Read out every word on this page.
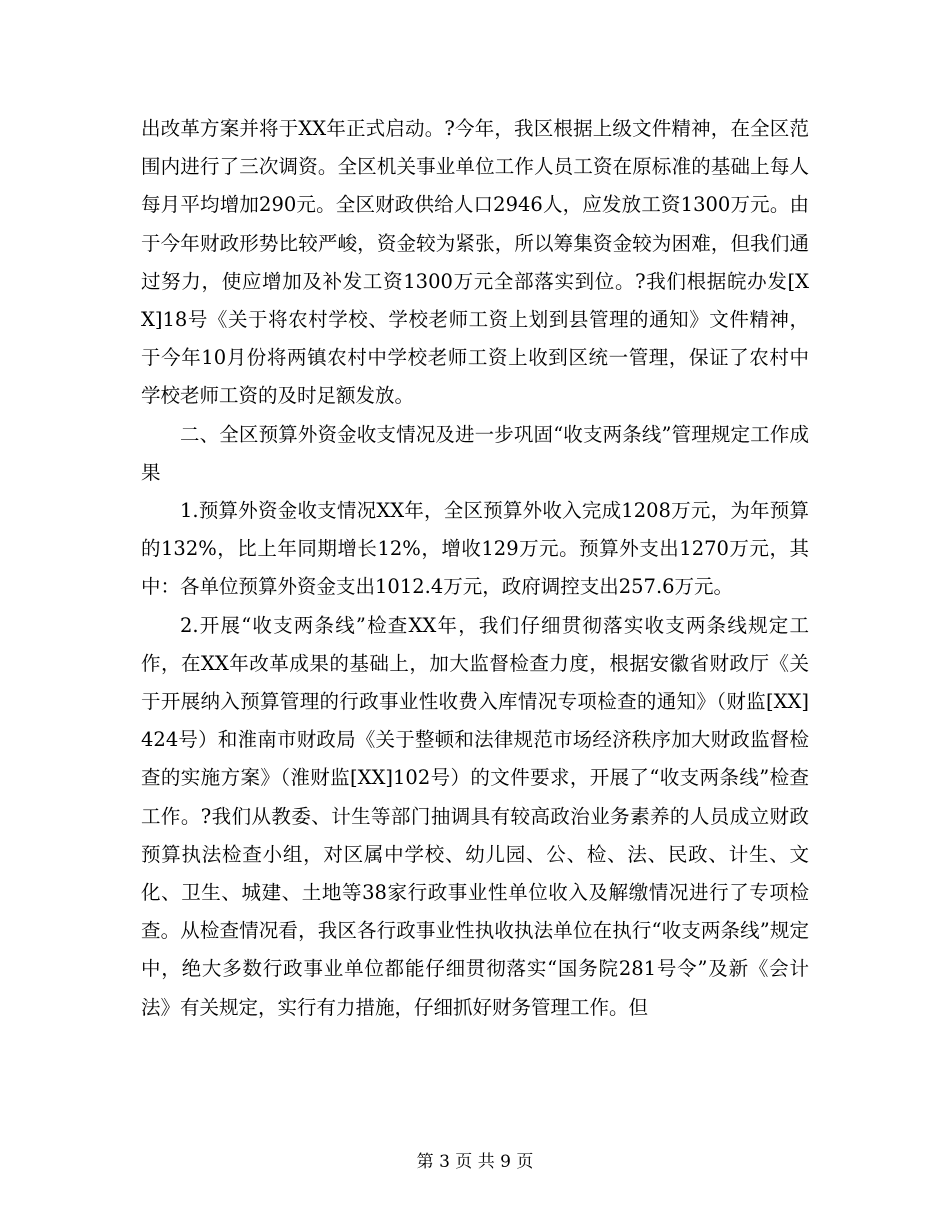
出改革方案并将于XX年正式启动。?今年，我区根据上级文件精神，在全区范围内进行了三次调资。全区机关事业单位工作人员工资在原标准的基础上每人每月平均增加290元。全区财政供给人口2946人，应发放工资1300万元。由于今年财政形势比较严峻，资金较为紧张，所以筹集资金较为困难，但我们通过努力，使应增加及补发工资1300万元全部落实到位。?我们根据皖办发[XX]18号《关于将农村学校、学校老师工资上划到县管理的通知》文件精神，于今年10月份将两镇农村中学校老师工资上收到区统一管理，保证了农村中学校老师工资的及时足额发放。

二、全区预算外资金收支情况及进一步巩固“收支两条线”管理规定工作成果

1.预算外资金收支情况XX年，全区预算外收入完成1208万元，为年预算的132%，比上年同期增长12%，增收129万元。预算外支出1270万元，其中：各单位预算外资金支出1012.4万元，政府调控支出257.6万元。

2.开展“收支两条线”检查XX年，我们仔细贯彻落实收支两条线规定工作，在XX年改革成果的基础上，加大监督检查力度，根据安徽省财政厅《关于开展纳入预算管理的行政事业性收费入库情况专项检查的通知》（财监[XX]424号）和淮南市财政局《关于整顿和法律规范市场经济秩序加大财政监督检查的实施方案》（淮财监[XX]102号）的文件要求，开展了“收支两条线”检查工作。?我们从教委、计生等部门抽调具有较高政治业务素养的人员成立财政预算执法检查小组，对区属中学校、幼儿园、公、检、法、民政、计生、文化、卫生、城建、土地等38家行政事业性单位收入及解缴情况进行了专项检查。从检查情况看，我区各行政事业性执收执法单位在执行“收支两条线”规定中，绝大多数行政事业单位都能仔细贯彻落实“国务院281号令”及新《会计法》有关规定，实行有力措施，仔细抓好财务管理工作。但

第 3 页 共 9 页
